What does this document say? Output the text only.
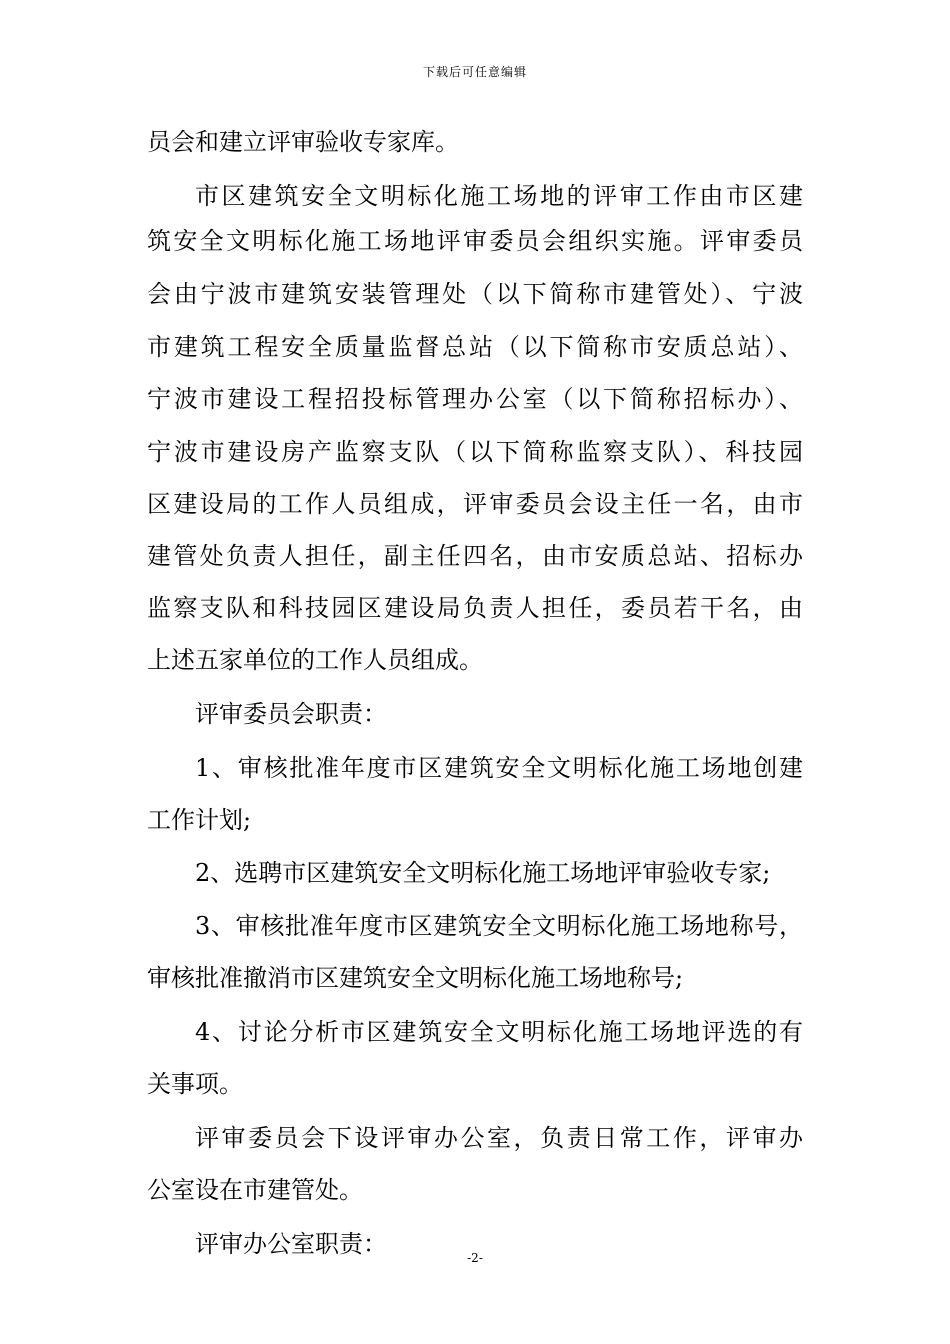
下载后可任意编辑
员会和建立评审验收专家库。
市区建筑安全文明标化施工场地的评审工作由市区建
筑安全文明标化施工场地评审委员会组织实施。评审委员
会由宁波市建筑安装管理处（以下简称市建管处）、宁波
市建筑工程安全质量监督总站（以下简称市安质总站）、
宁波市建设工程招投标管理办公室（以下简称招标办）、
宁波市建设房产监察支队（以下简称监察支队）、科技园
区建设局的工作人员组成，评审委员会设主任一名，由市
建管处负责人担任，副主任四名，由市安质总站、招标办
监察支队和科技园区建设局负责人担任，委员若干名，由
上述五家单位的工作人员组成。
评审委员会职责：
1、审核批准年度市区建筑安全文明标化施工场地创建
工作计划;
2、选聘市区建筑安全文明标化施工场地评审验收专家;
3、审核批准年度市区建筑安全文明标化施工场地称号，
审核批准撤消市区建筑安全文明标化施工场地称号;
4、讨论分析市区建筑安全文明标化施工场地评选的有
关事项。
评审委员会下设评审办公室，负责日常工作，评审办
公室设在市建管处。
评审办公室职责：	-2-
